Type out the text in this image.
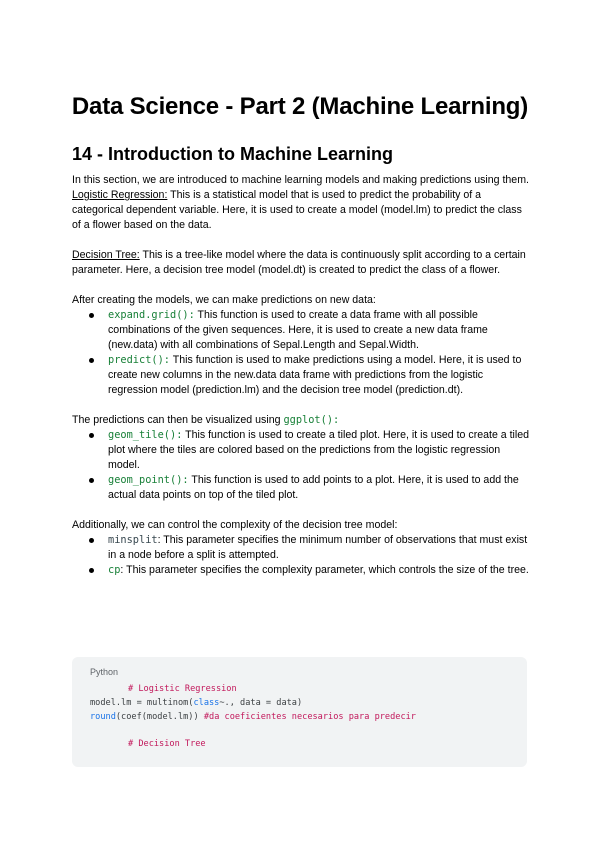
Data Science - Part 2 (Machine Learning)
14 - Introduction to Machine Learning

In this section, we are introduced to machine learning models and making predictions using them.

Logistic Regression: This is a statistical model that is used to predict the probability of a categorical dependent variable. Here, it is used to create a model (model.lm) to predict the class of a flower based on the data.

Decision Tree: This is a tree-like model where the data is continuously split according to a certain parameter. Here, a decision tree model (model.dt) is created to predict the class of a flower.

After creating the models, we can make predictions on new data:

expand.grid(): This function is used to create a data frame with all possible combinations of the given sequences. Here, it is used to create a new data frame (new.data) with all combinations of Sepal.Length and Sepal.Width.
predict(): This function is used to make predictions using a model. Here, it is used to create new columns in the new.data data frame with predictions from the logistic regression model (prediction.lm) and the decision tree model (prediction.dt).

The predictions can then be visualized using ggplot():

geom_tile(): This function is used to create a tiled plot. Here, it is used to create a tiled plot where the tiles are colored based on the predictions from the logistic regression model.
geom_point(): This function is used to add points to a plot. Here, it is used to add the actual data points on top of the tiled plot.

Additionally, we can control the complexity of the decision tree model:

minsplit: This parameter specifies the minimum number of observations that must exist in a node before a split is attempted.
cp: This parameter specifies the complexity parameter, which controls the size of the tree.
Python
# Logistic Regression
model.lm = multinom(class~., data = data)
round(coef(model.lm)) #da coeficientes necesarios para predecir
# Decision Tree
